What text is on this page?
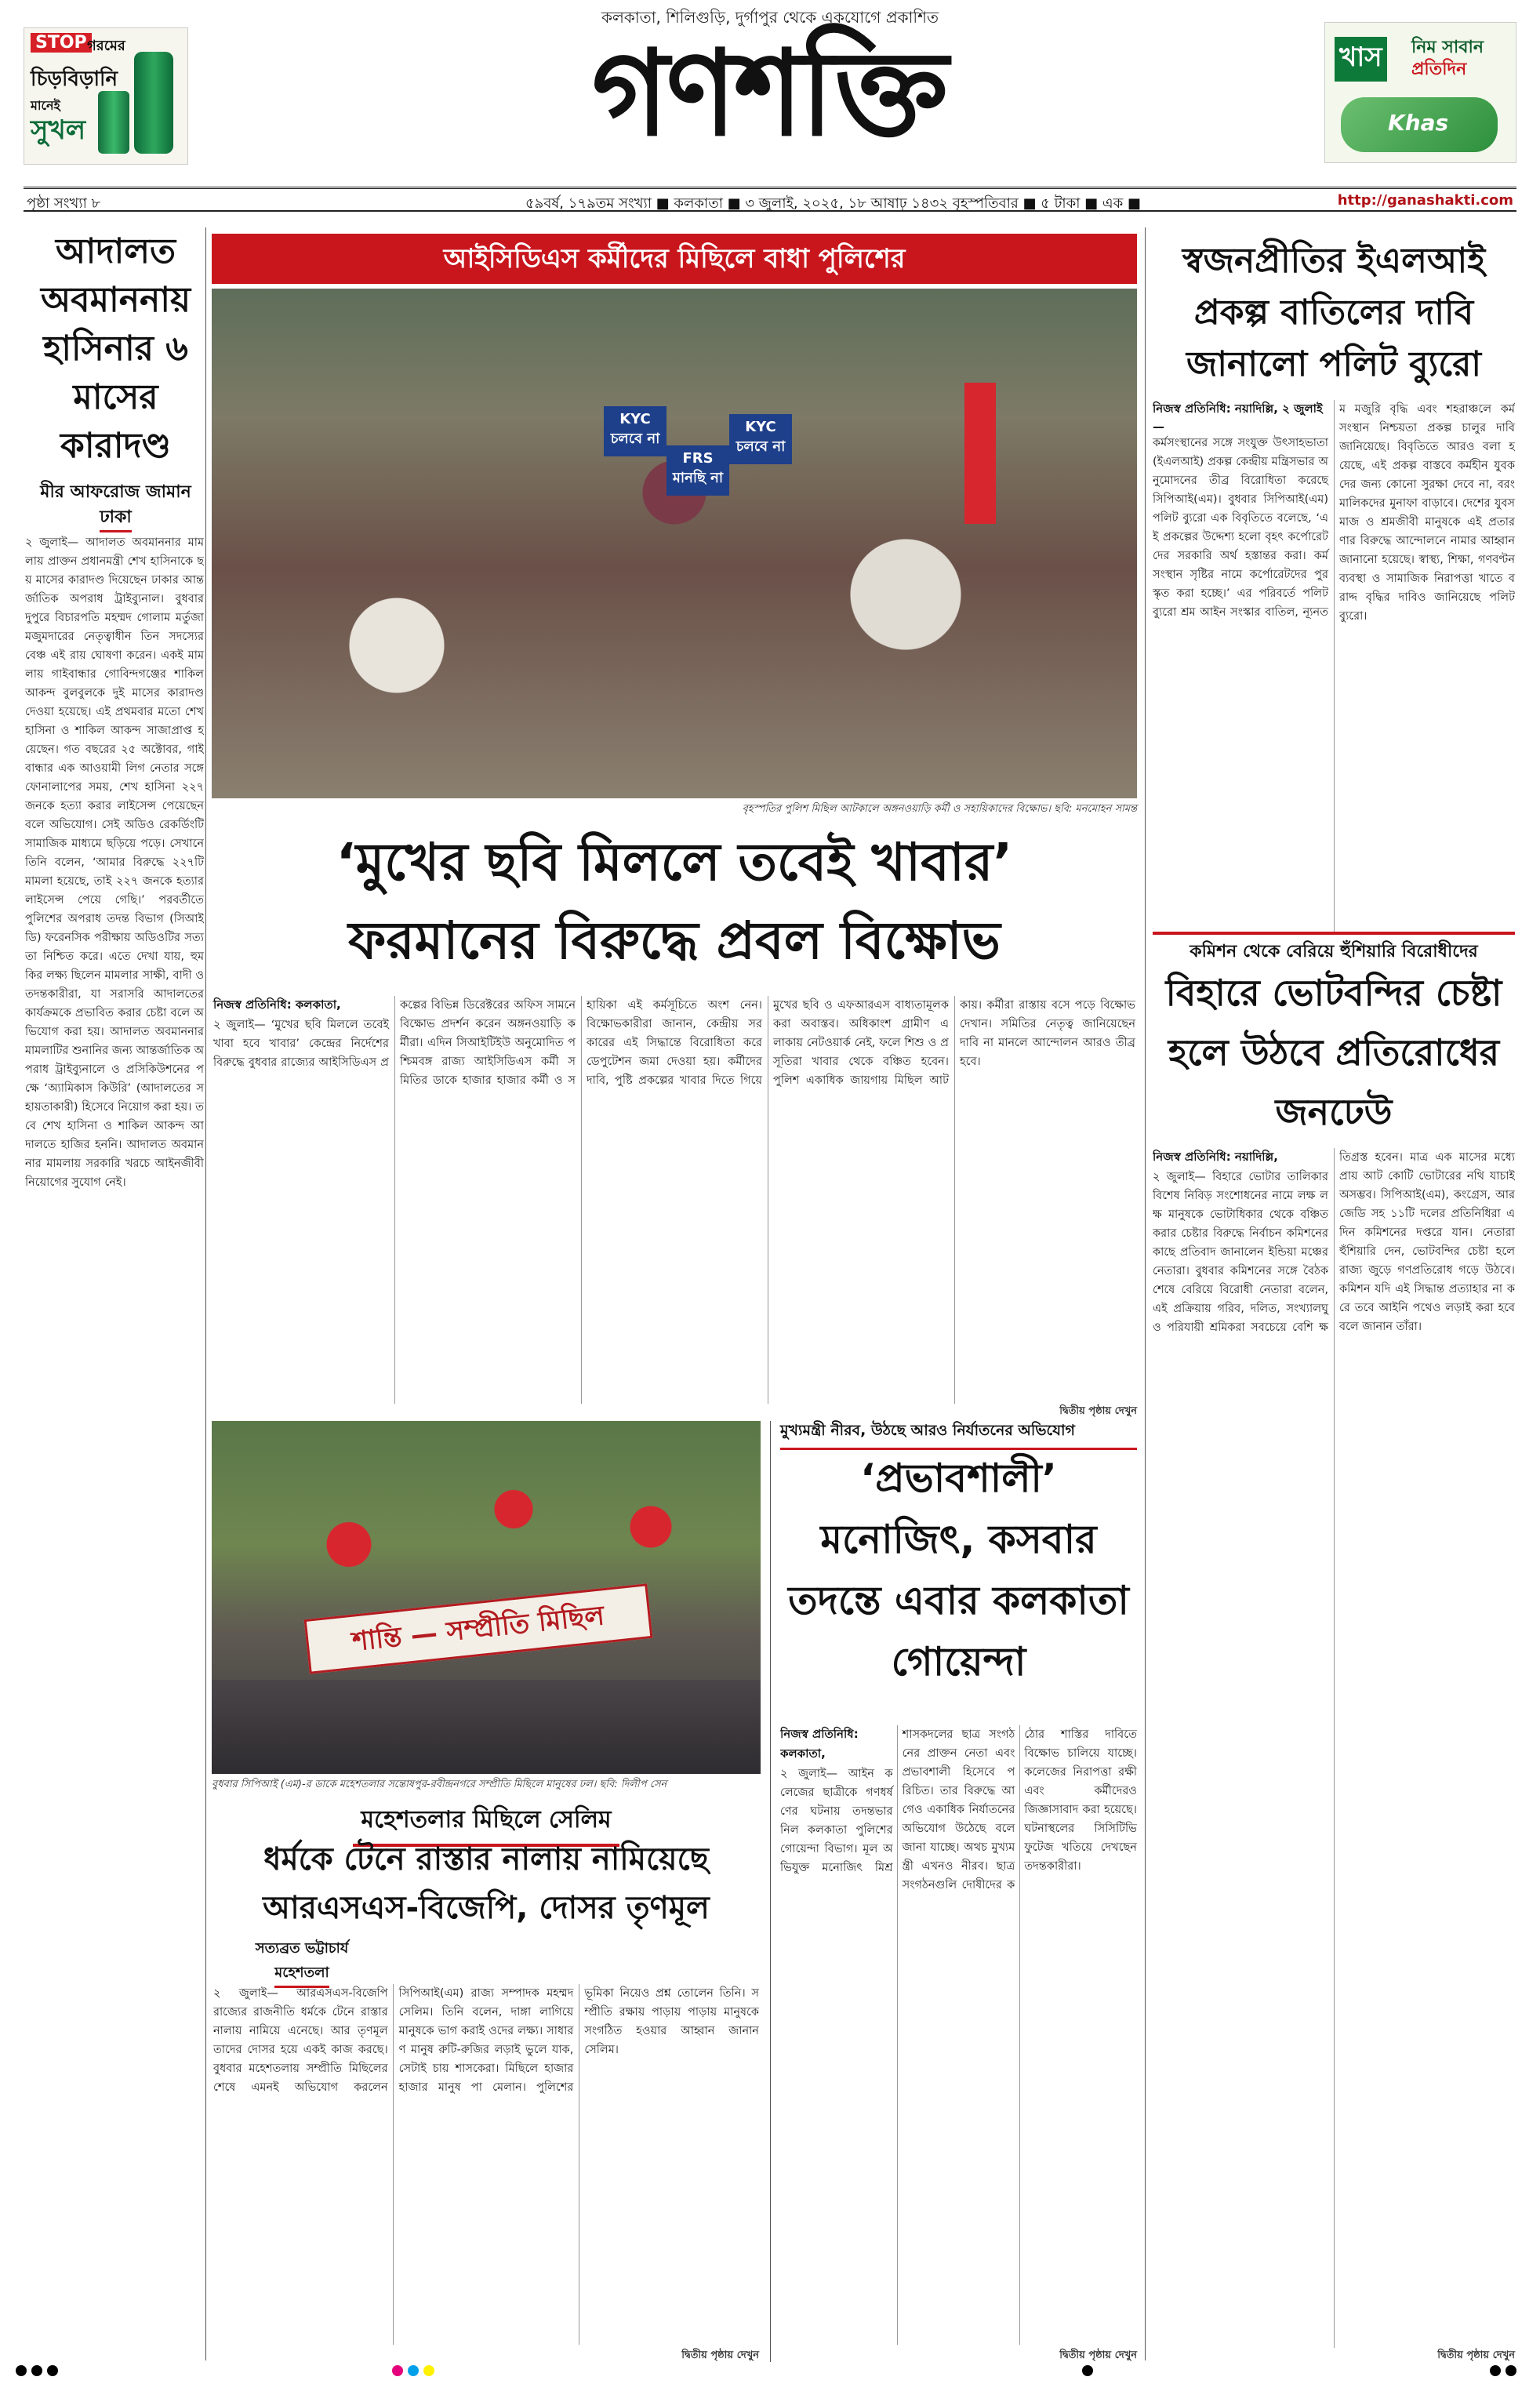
কলকাতা, শিলিগুড়ি, দুর্গাপুর থেকে একযোগে প্রকাশিত
STOP গরমের
চিড়বিড়ানি
মানেই
সুখল	গণশক্তি	খাস নিম সাবান
প্রতিদিন
Khas
পৃষ্ঠা সংখ্যা ৮	৫৯বর্ষ, ১৭৯তম সংখ্যা ■ কলকাতা ■ ৩ জুলাই, ২০২৫, ১৮ আষাঢ় ১৪৩২ বৃহস্পতিবার ■ ৫ টাকা ■ এক ■	http://ganashakti.com
আদালত অবমাননায় হাসিনার ৬ মাসের কারাদণ্ড
মীর আফরোজ জামান
ঢাকা
২ জুলাই— আদালত অবমাননার মামলায় প্রাক্তন প্রধানমন্ত্রী শেখ হাসিনাকে ছয় মাসের কারাদণ্ড দিয়েছেন ঢাকার আন্তর্জাতিক অপরাধ ট্রাইব্যুনাল। বুধবার দুপুরে বিচারপতি মহম্মদ গোলাম মর্তুজা মজুমদারের নেতৃত্বাধীন তিন সদস্যের বেঞ্চ এই রায় ঘোষণা করেন। একই মামলায় গাইবান্ধার গোবিন্দগঞ্জের শাকিল আকন্দ বুলবুলকে দুই মাসের কারাদণ্ড দেওয়া হয়েছে। এই প্রথমবার মতো শেখ হাসিনা ও শাকিল আকন্দ সাজাপ্রাপ্ত হয়েছেন। গত বছরের ২৫ অক্টোবর, গাইবান্ধার এক আওয়ামী লিগ নেতার সঙ্গে ফোনালাপের সময়, শেখ হাসিনা ২২৭ জনকে হত্যা করার লাইসেন্স পেয়েছেন বলে অভিযোগ। সেই অডিও রেকর্ডিংটি সামাজিক মাধ্যমে ছড়িয়ে পড়ে। সেখানে তিনি বলেন, ‘আমার বিরুদ্ধে ২২৭টি মামলা হয়েছে, তাই ২২৭ জনকে হত্যার লাইসেন্স পেয়ে গেছি।’ পরবর্তীতে পুলিশের অপরাধ তদন্ত বিভাগ (সিআইডি) ফরেনসিক পরীক্ষায় অডিওটির সত্যতা নিশ্চিত করে। এতে দেখা যায়, হুমকির লক্ষ্য ছিলেন মামলার সাক্ষী, বাদী ও তদন্তকারীরা, যা সরাসরি আদালতের কার্যক্রমকে প্রভাবিত করার চেষ্টা বলে অভিযোগ করা হয়। আদালত অবমাননার মামলাটির শুনানির জন্য আন্তর্জাতিক অপরাধ ট্রাইব্যুনালে ও প্রসিকিউশনের পক্ষে ‘অ্যামিকাস কিউরি’ (আদালতের সহায়তাকারী) হিসেবে নিয়োগ করা হয়। তবে শেখ হাসিনা ও শাকিল আকন্দ আদালতে হাজির হননি। আদালত অবমাননার মামলায় সরকারি খরচে আইনজীবী নিয়োগের সুযোগ নেই।
আইসিডিএস কর্মীদের মিছিলে বাধা পুলিশের
KYC চলবে না
FRS মানছি না
KYC চলবে না
বৃহস্পতির পুলিশ মিছিল আটকালে অঙ্গনওয়াড়ি কর্মী ও সহায়িকাদের বিক্ষোভ। ছবি: মনমোহন সামন্ত
‘মুখের ছবি মিললে তবেই খাবার’
ফরমানের বিরুদ্ধে প্রবল বিক্ষোভ
নিজস্ব প্রতিনিধি: কলকাতা,
২ জুলাই— ‘মুখের ছবি মিললে তবেই খাবা হবে খাবার’ কেন্দ্রের নির্দেশের বিরুদ্ধে বুধবার রাজ্যের আইসিডিএস প্রকল্পের বিভিন্ন ডিরেক্টরের অফিস সামনে বিক্ষোভ প্রদর্শন করেন অঙ্গনওয়াড়ি কর্মীরা। এদিন সিআইটিইউ অনুমোদিত পশ্চিমবঙ্গ রাজ্য আইসিডিএস কর্মী সমিতির ডাকে হাজার হাজার কর্মী ও সহায়িকা এই কর্মসূচিতে অংশ নেন। বিক্ষোভকারীরা জানান, কেন্দ্রীয় সরকারের এই সিদ্ধান্তে বিরোধিতা করে ডেপুটেশন জমা দেওয়া হয়। কর্মীদের দাবি, পুষ্টি প্রকল্পের খাবার দিতে গিয়ে মুখের ছবি ও এফআরএস বাধ্যতামূলক করা অবাস্তব। অধিকাংশ গ্রামীণ এলাকায় নেটওয়ার্ক নেই, ফলে শিশু ও প্রসূতিরা খাবার থেকে বঞ্চিত হবেন। পুলিশ একাধিক জায়গায় মিছিল আটকায়। কর্মীরা রাস্তায় বসে পড়ে বিক্ষোভ দেখান। সমিতির নেতৃত্ব জানিয়েছেন দাবি না মানলে আন্দোলন আরও তীব্র হবে।
দ্বিতীয় পৃষ্ঠায় দেখুন
স্বজনপ্রীতির ইএলআই প্রকল্প বাতিলের দাবি জানালো পলিট ব্যুরো
নিজস্ব প্রতিনিধি: নয়াদিল্লি, ২ জুলাই—
কর্মসংস্থানের সঙ্গে সংযুক্ত উৎসাহভাতা (ইএলআই) প্রকল্প কেন্দ্রীয় মন্ত্রিসভার অনুমোদনের তীব্র বিরোধিতা করেছে সিপিআই(এম)। বুধবার সিপিআই(এম) পলিট ব্যুরো এক বিবৃতিতে বলেছে, ‘এই প্রকল্পের উদ্দেশ্য হলো বৃহৎ কর্পোরেটদের সরকারি অর্থ হস্তান্তর করা। কর্মসংস্থান সৃষ্টির নামে কর্পোরেটদের পুরস্কৃত করা হচ্ছে।’ এর পরিবর্তে পলিট ব্যুরো শ্রম আইন সংস্কার বাতিল, ন্যূনতম মজুরি বৃদ্ধি এবং শহরাঞ্চলে কর্মসংস্থান নিশ্চয়তা প্রকল্প চালুর দাবি জানিয়েছে। বিবৃতিতে আরও বলা হয়েছে, এই প্রকল্প বাস্তবে কর্মহীন যুবকদের জন্য কোনো সুরক্ষা দেবে না, বরং মালিকদের মুনাফা বাড়াবে। দেশের যুবসমাজ ও শ্রমজীবী মানুষকে এই প্রতারণার বিরুদ্ধে আন্দোলনে নামার আহ্বান জানানো হয়েছে। স্বাস্থ্য, শিক্ষা, গণবণ্টন ব্যবস্থা ও সামাজিক নিরাপত্তা খাতে বরাদ্দ বৃদ্ধির দাবিও জানিয়েছে পলিট ব্যুরো।
কমিশন থেকে বেরিয়ে হুঁশিয়ারি বিরোধীদের
বিহারে ভোটবন্দির চেষ্টা হলে উঠবে প্রতিরোধের জনঢেউ
নিজস্ব প্রতিনিধি: নয়াদিল্লি,
২ জুলাই— বিহারে ভোটার তালিকার বিশেষ নিবিড় সংশোধনের নামে লক্ষ লক্ষ মানুষকে ভোটাধিকার থেকে বঞ্চিত করার চেষ্টার বিরুদ্ধে নির্বাচন কমিশনের কাছে প্রতিবাদ জানালেন ইন্ডিয়া মঞ্চের নেতারা। বুধবার কমিশনের সঙ্গে বৈঠক শেষে বেরিয়ে বিরোধী নেতারা বলেন, এই প্রক্রিয়ায় গরিব, দলিত, সংখ্যালঘু ও পরিযায়ী শ্রমিকরা সবচেয়ে বেশি ক্ষতিগ্রস্ত হবেন। মাত্র এক মাসের মধ্যে প্রায় আট কোটি ভোটারের নথি যাচাই অসম্ভব। সিপিআই(এম), কংগ্রেস, আরজেডি সহ ১১টি দলের প্রতিনিধিরা এদিন কমিশনের দপ্তরে যান। নেতারা হুঁশিয়ারি দেন, ভোটবন্দির চেষ্টা হলে রাজ্য জুড়ে গণপ্রতিরোধ গড়ে উঠবে। কমিশন যদি এই সিদ্ধান্ত প্রত্যাহার না করে তবে আইনি পথেও লড়াই করা হবে বলে জানান তাঁরা।
দ্বিতীয় পৃষ্ঠায় দেখুন
শান্তি — সম্প্রীতি মিছিল
বুধবার সিপিআই (এম)-র ডাকে মহেশতলার সন্তোষপুর-রবীন্দ্রনগরে সম্প্রীতি মিছিলে মানুষের ঢল। ছবি: দিলীপ সেন
মহেশতলার মিছিলে সেলিম
ধর্মকে টেনে রাস্তার নালায় নামিয়েছে আরএসএস-বিজেপি, দোসর তৃণমূল
সত্যব্রত ভট্টাচার্য
মহেশতলা
২ জুলাই— আরএসএস-বিজেপি রাজ্যের রাজনীতি ধর্মকে টেনে রাস্তার নালায় নামিয়ে এনেছে। আর তৃণমূল তাদের দোসর হয়ে একই কাজ করছে। বুধবার মহেশতলায় সম্প্রীতি মিছিলের শেষে এমনই অভিযোগ করলেন সিপিআই(এম) রাজ্য সম্পাদক মহম্মদ সেলিম। তিনি বলেন, দাঙ্গা লাগিয়ে মানুষকে ভাগ করাই ওদের লক্ষ্য। সাধারণ মানুষ রুটি-রুজির লড়াই ভুলে যাক, সেটাই চায় শাসকেরা। মিছিলে হাজার হাজার মানুষ পা মেলান। পুলিশের ভূমিকা নিয়েও প্রশ্ন তোলেন তিনি। সম্প্রীতি রক্ষায় পাড়ায় পাড়ায় মানুষকে সংগঠিত হওয়ার আহ্বান জানান সেলিম।
দ্বিতীয় পৃষ্ঠায় দেখুন
মুখ্যমন্ত্রী নীরব, উঠছে আরও নির্যাতনের অভিযোগ
‘প্রভাবশালী’ মনোজিৎ, কসবার তদন্তে এবার কলকাতা গোয়েন্দা
নিজস্ব প্রতিনিধি: কলকাতা,
২ জুলাই— আইন কলেজের ছাত্রীকে গণধর্ষণের ঘটনায় তদন্তভার নিল কলকাতা পুলিশের গোয়েন্দা বিভাগ। মূল অভিযুক্ত মনোজিৎ মিশ্র শাসকদলের ছাত্র সংগঠনের প্রাক্তন নেতা এবং প্রভাবশালী হিসেবে পরিচিত। তার বিরুদ্ধে আগেও একাধিক নির্যাতনের অভিযোগ উঠেছে বলে জানা যাচ্ছে। অথচ মুখ্যমন্ত্রী এখনও নীরব। ছাত্র সংগঠনগুলি দোষীদের কঠোর শাস্তির দাবিতে বিক্ষোভ চালিয়ে যাচ্ছে। কলেজের নিরাপত্তা রক্ষী এবং কর্মীদেরও জিজ্ঞাসাবাদ করা হয়েছে। ঘটনাস্থলের সিসিটিভি ফুটেজ খতিয়ে দেখছেন তদন্তকারীরা।
দ্বিতীয় পৃষ্ঠায় দেখুন
